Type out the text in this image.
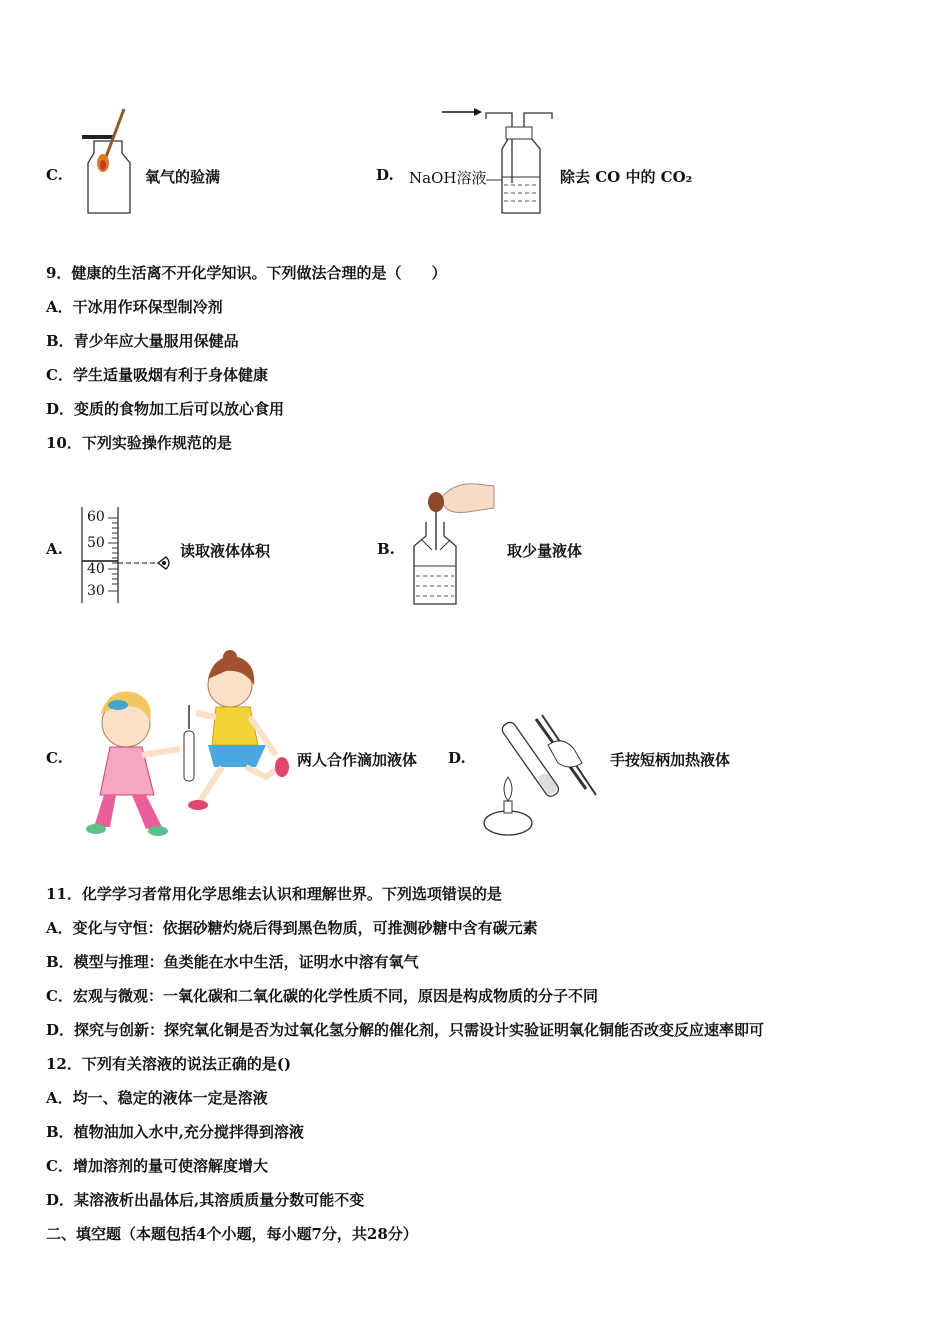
C.	氧气的验满	D. NaOH溶液	除去 CO 中的 CO₂
9．健康的生活离不开化学知识。下列做法合理的是（　　）
A．干冰用作环保型制冷剂
B．青少年应大量服用保健品
C．学生适量吸烟有利于身体健康
D．变质的食物加工后可以放心食用
10．下列实验操作规范的是
A.
60
50
40
30
读取液体体积	B.	取少量液体
C.	两人合作滴加液体 D.	手按短柄加热液体
11．化学学习者常用化学思维去认识和理解世界。下列选项错误的是
A．变化与守恒：依据砂糖灼烧后得到黑色物质，可推测砂糖中含有碳元素
B．模型与推理：鱼类能在水中生活，证明水中溶有氧气
C．宏观与微观：一氧化碳和二氧化碳的化学性质不同，原因是构成物质的分子不同
D．探究与创新：探究氧化铜是否为过氧化氢分解的催化剂，只需设计实验证明氧化铜能否改变反应速率即可
12．下列有关溶液的说法正确的是()
A．均一、稳定的液体一定是溶液
B．植物油加入水中,充分搅拌得到溶液
C．增加溶剂的量可使溶解度增大
D．某溶液析出晶体后,其溶质质量分数可能不变
二、填空题（本题包括4个小题，每小题7分，共28分）
